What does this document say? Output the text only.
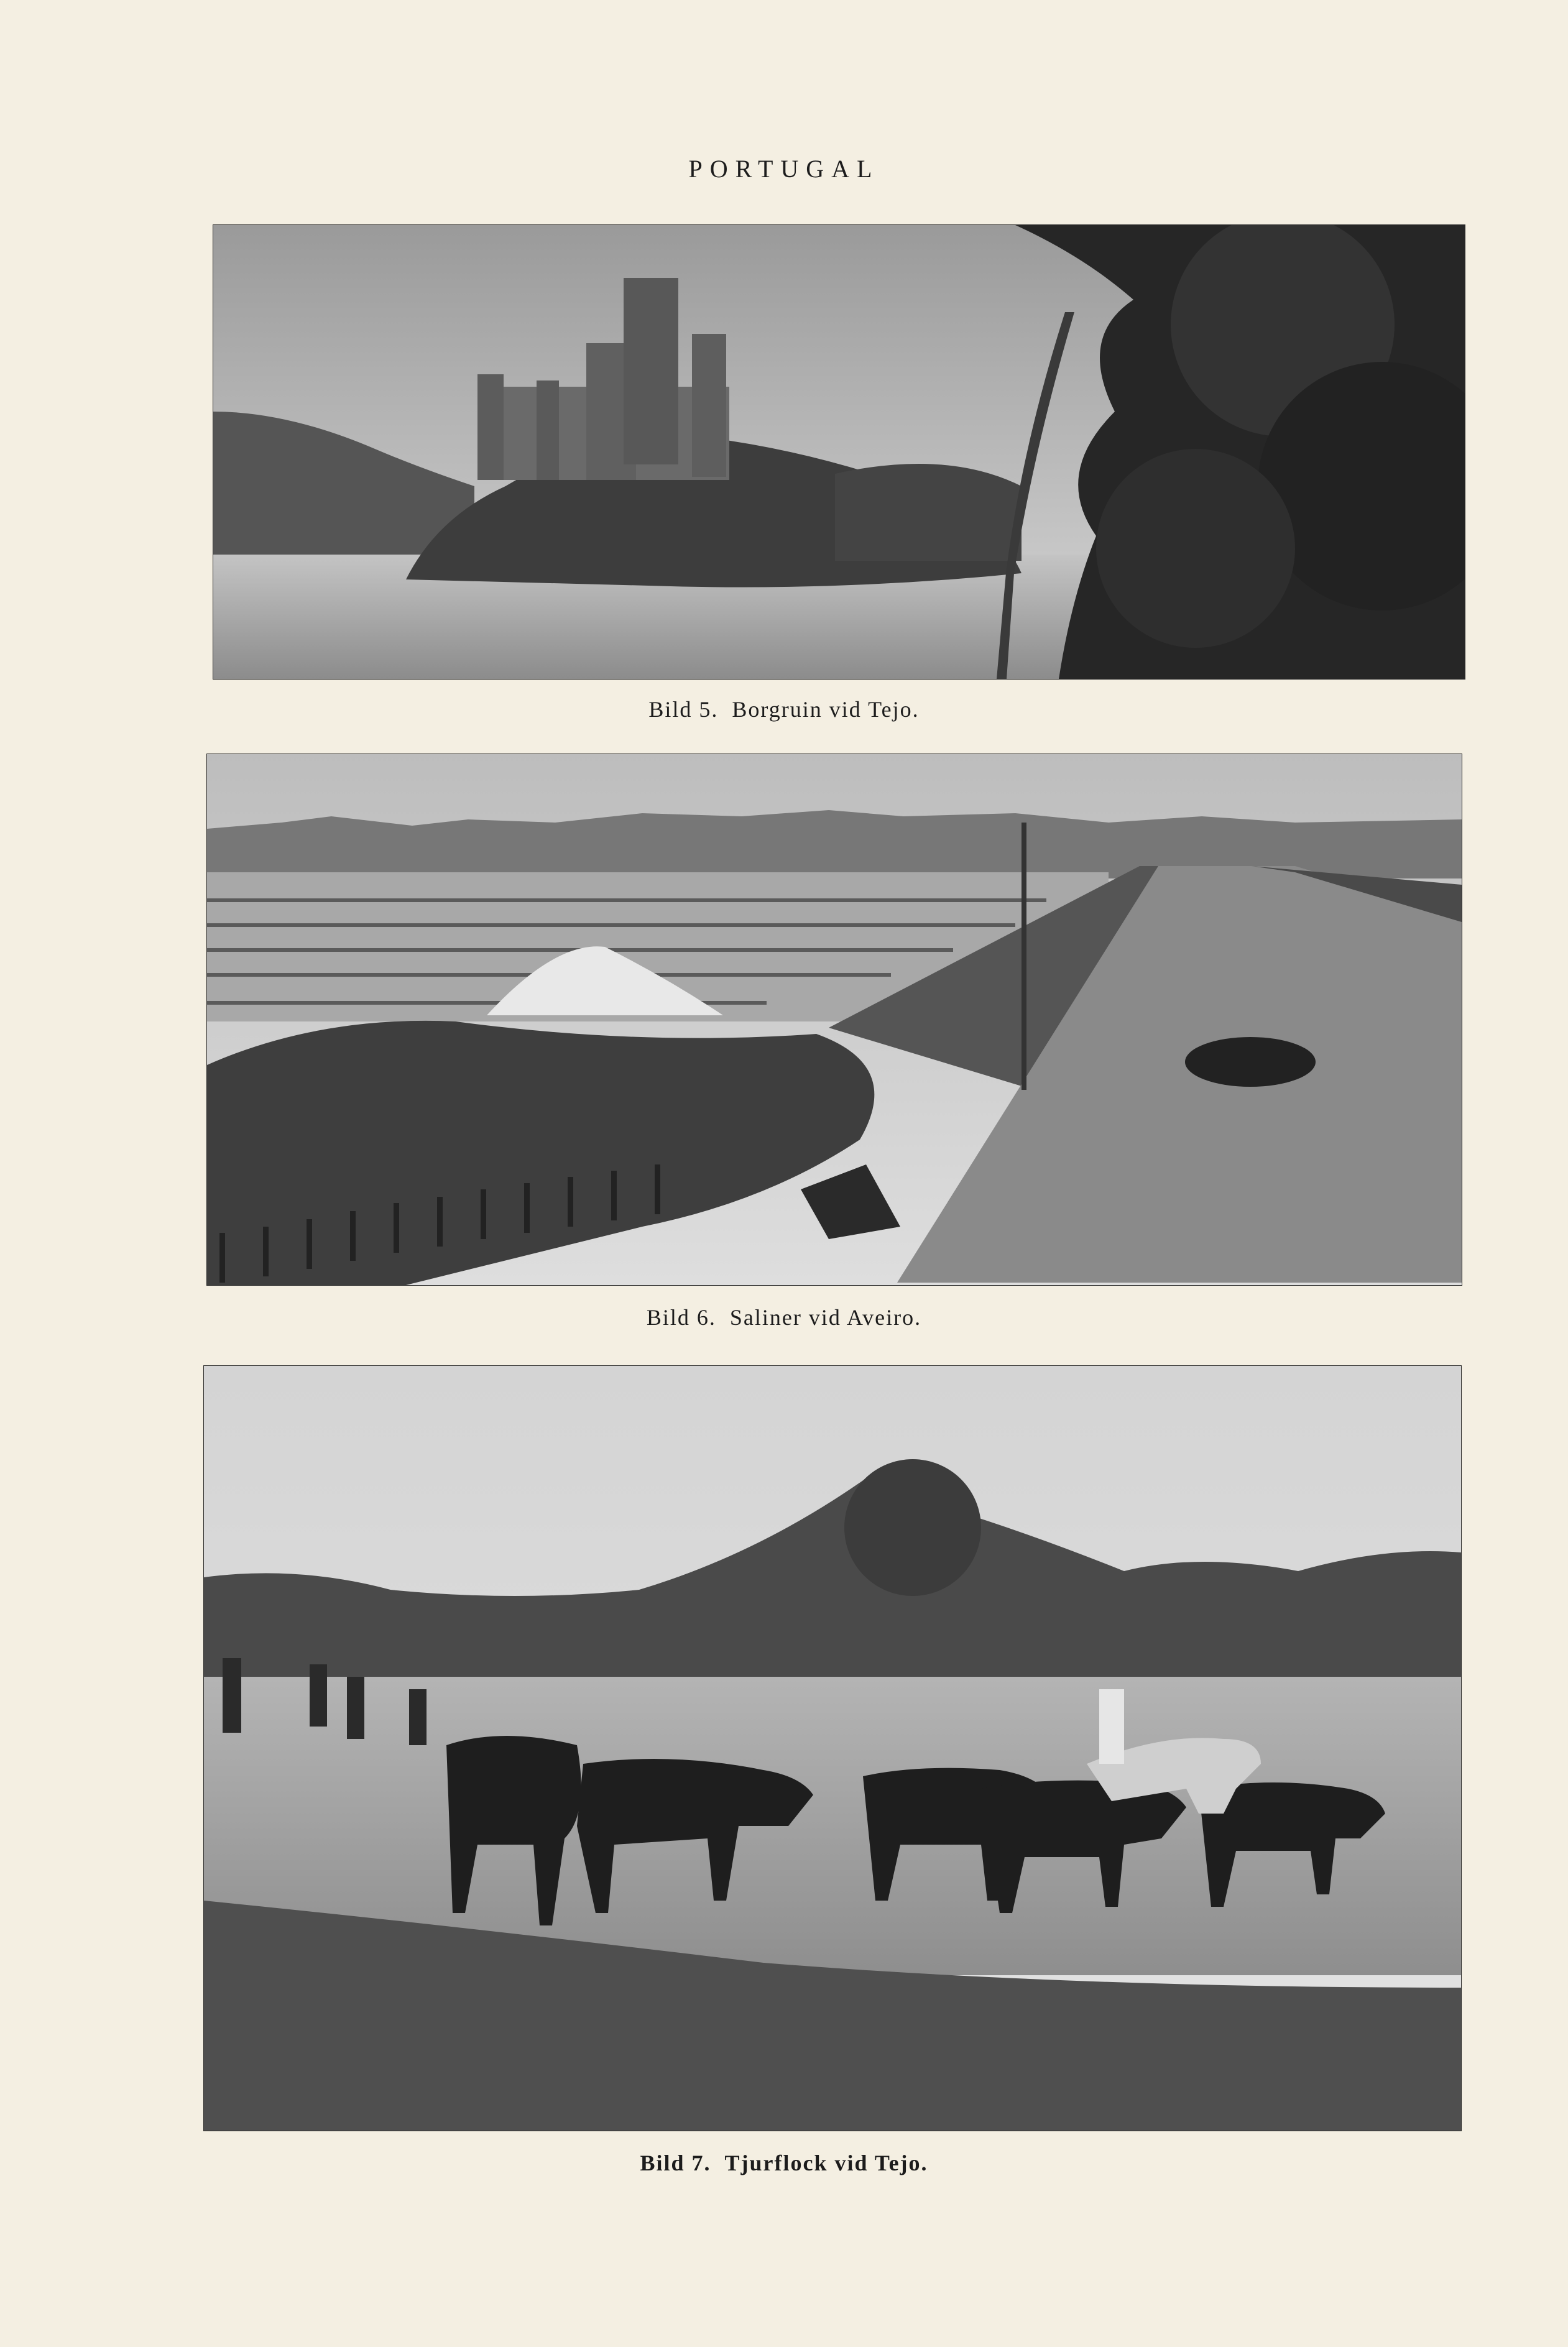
PORTUGAL
Bild 5. Borgruin vid Tejo.
Bild 6. Saliner vid Aveiro.
Bild 7. Tjurflock vid Tejo.
